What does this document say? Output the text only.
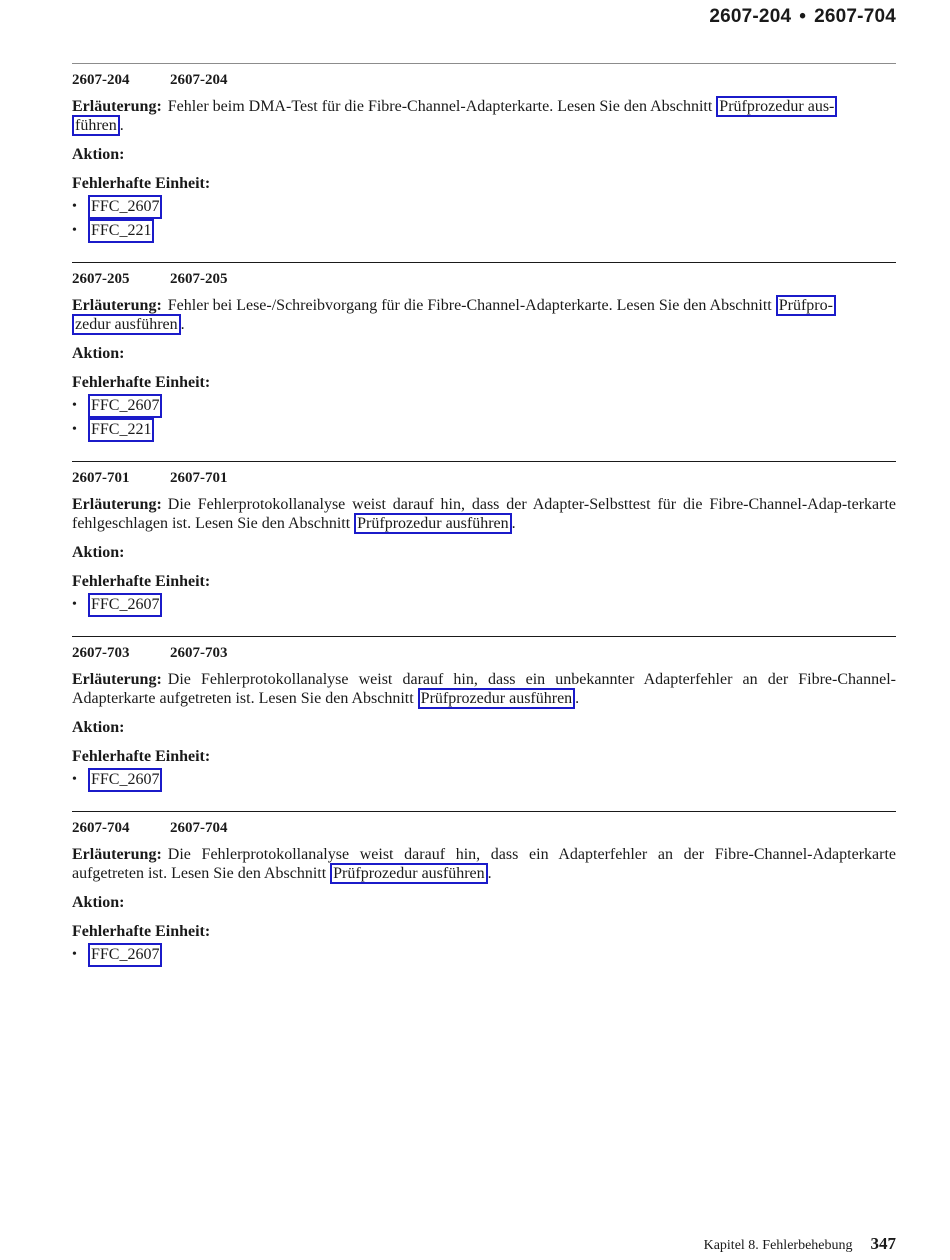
2607-204 • 2607-704
2607-204	2607-204
Erläuterung: Fehler beim DMA-Test für die Fibre-Channel-Adapterkarte. Lesen Sie den Abschnitt Prüfprozedur aus-
führen .
Aktion:
Fehlerhafte Einheit:
• FFC_2607
• FFC_221
2607-205	2607-205
Erläuterung: Fehler bei Lese-/Schreibvorgang für die Fibre-Channel-Adapterkarte. Lesen Sie den Abschnitt Prüfpro-
zedur ausführen .
Aktion:
Fehlerhafte Einheit:
• FFC_2607
• FFC_221
2607-701	2607-701
Erläuterung: Die Fehlerprotokollanalyse weist darauf hin, dass der Adapter-Selbsttest für die Fibre-Channel-Adap-terkarte fehlgeschlagen ist. Lesen Sie den Abschnitt Prüfprozedur ausführen .
Aktion:
Fehlerhafte Einheit:
• FFC_2607
2607-703	2607-703
Erläuterung: Die Fehlerprotokollanalyse weist darauf hin, dass ein unbekannter Adapterfehler an der Fibre-Channel-Adapterkarte aufgetreten ist. Lesen Sie den Abschnitt Prüfprozedur ausführen .
Aktion:
Fehlerhafte Einheit:
• FFC_2607
2607-704	2607-704
Erläuterung: Die Fehlerprotokollanalyse weist darauf hin, dass ein Adapterfehler an der Fibre-Channel-Adapterkarte aufgetreten ist. Lesen Sie den Abschnitt Prüfprozedur ausführen .
Aktion:
Fehlerhafte Einheit:
• FFC_2607
Kapitel 8. Fehlerbehebung 347
